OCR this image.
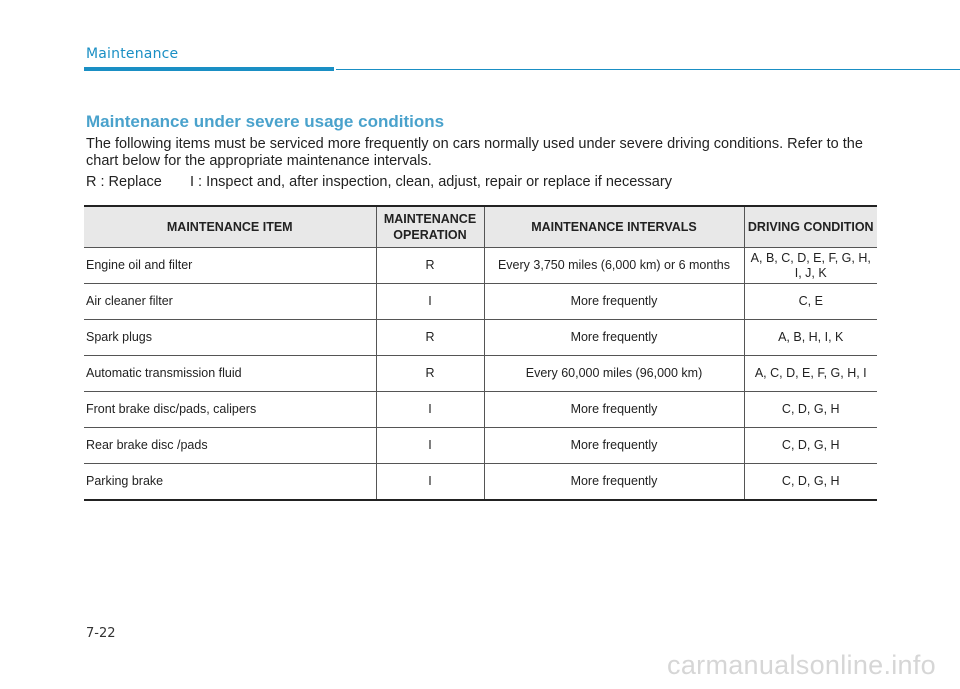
Maintenance
Maintenance under severe usage conditions
The following items must be serviced more frequently on cars normally used under severe driving conditions. Refer to the chart below for the appropriate maintenance intervals.
R : Replace I : Inspect and, after inspection, clean, adjust, repair or replace if necessary
MAINTENANCE ITEM	MAINTENANCE OPERATION	MAINTENANCE INTERVALS	DRIVING CONDITION
Engine oil and filter	R	Every 3,750 miles (6,000 km) or 6 months	A, B, C, D, E, F, G, H, I, J, K
Air cleaner filter	I	More frequently	C, E
Spark plugs	R	More frequently	A, B, H, I, K
Automatic transmission fluid	R	Every 60,000 miles (96,000 km)	A, C, D, E, F, G, H, I
Front brake disc/pads, calipers	I	More frequently	C, D, G, H
Rear brake disc /pads	I	More frequently	C, D, G, H
Parking brake	I	More frequently	C, D, G, H
7-22
carmanualsonline.info
